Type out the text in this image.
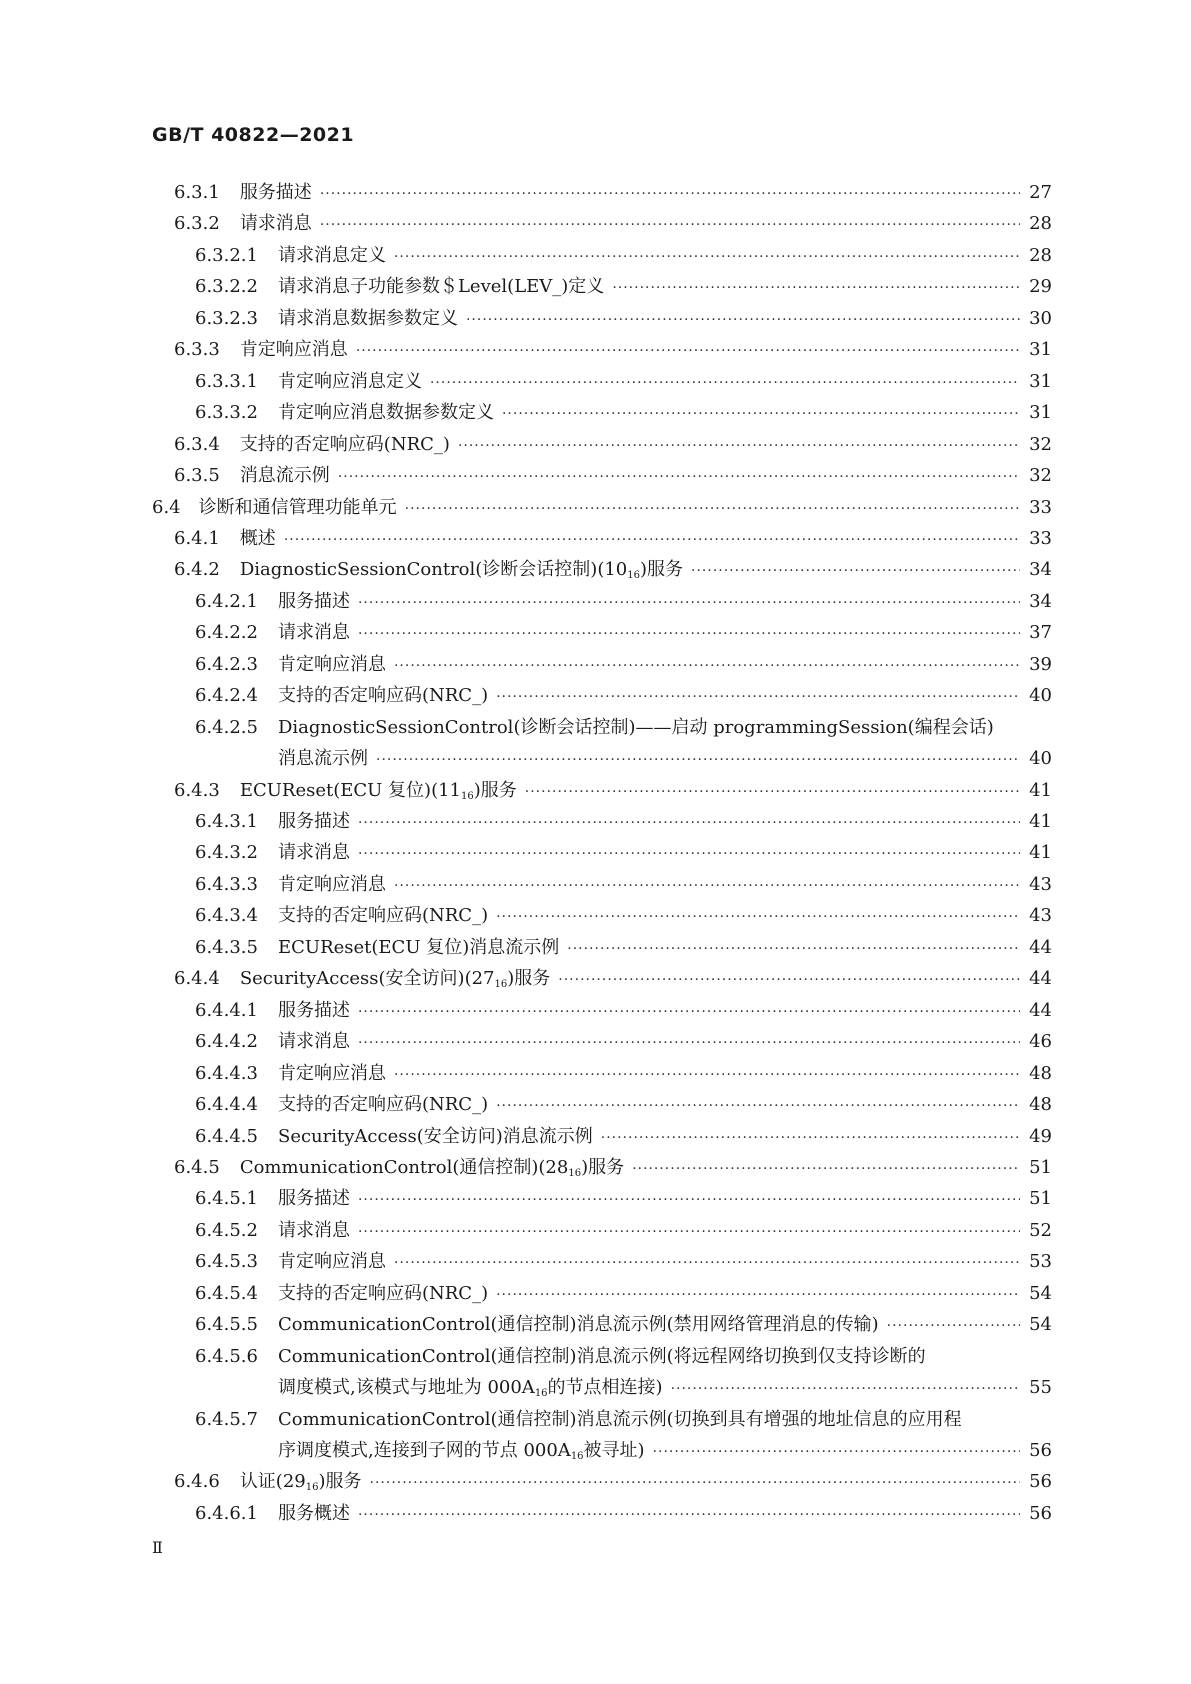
GB/T 40822—2021
6.3.1 服务描述 ·····	27
6.3.2 请求消息 ·····	28
6.3.2.1 请求消息定义 ·····	28
6.3.2.2 请求消息子功能参数＄Level(LEV_)定义 ·····	29
6.3.2.3 请求消息数据参数定义 ·····	30
6.3.3 肯定响应消息 ·····	31
6.3.3.1 肯定响应消息定义 ·····	31
6.3.3.2 肯定响应消息数据参数定义 ·····	31
6.3.4 支持的否定响应码(NRC_) ·····	32
6.3.5 消息流示例 ·····	32
6.4 诊断和通信管理功能单元 ·····	33
6.4.1 概述 ·····	33
6.4.2 DiagnosticSessionControl(诊断会话控制)$(10_{16})$服务 ·····	34
6.4.2.1 服务描述 ·····	34
6.4.2.2 请求消息 ·····	37
6.4.2.3 肯定响应消息 ·····	39
6.4.2.4 支持的否定响应码(NRC_) ·····	40
6.4.2.5 DiagnosticSessionControl(诊断会话控制)——启动 programmingSession(编程会话)
消息流示例 ·····	40
6.4.3 ECUReset(ECU 复位)$(11_{16})$服务 ·····	41
6.4.3.1 服务描述 ·····	41
6.4.3.2 请求消息 ·····	41
6.4.3.3 肯定响应消息 ·····	43
6.4.3.4 支持的否定响应码(NRC_) ·····	43
6.4.3.5 ECUReset(ECU 复位)消息流示例 ·····	44
6.4.4 SecurityAccess(安全访问)$(27_{16})$服务 ·····	44
6.4.4.1 服务描述 ·····	44
6.4.4.2 请求消息 ·····	46
6.4.4.3 肯定响应消息 ·····	48
6.4.4.4 支持的否定响应码(NRC_) ·····	48
6.4.4.5 SecurityAccess(安全访问)消息流示例 ·····	49
6.4.5 CommunicationControl(通信控制)$(28_{16})$服务 ·····	51
6.4.5.1 服务描述 ·····	51
6.4.5.2 请求消息 ·····	52
6.4.5.3 肯定响应消息 ·····	53
6.4.5.4 支持的否定响应码(NRC_) ·····	54
6.4.5.5 CommunicationControl(通信控制)消息流示例(禁用网络管理消息的传输) ·····	54
6.4.5.6 CommunicationControl(通信控制)消息流示例(将远程网络切换到仅支持诊断的
调度模式,该模式与地址为 $000A_{16}$的节点相连接) ·····	55
6.4.5.7 CommunicationControl(通信控制)消息流示例(切换到具有增强的地址信息的应用程
序调度模式,连接到子网的节点 $000A_{16}$被寻址) ·····	56
6.4.6 认证$(29_{16})$服务 ·····	56
6.4.6.1 服务概述 ·····	56
Ⅱ
